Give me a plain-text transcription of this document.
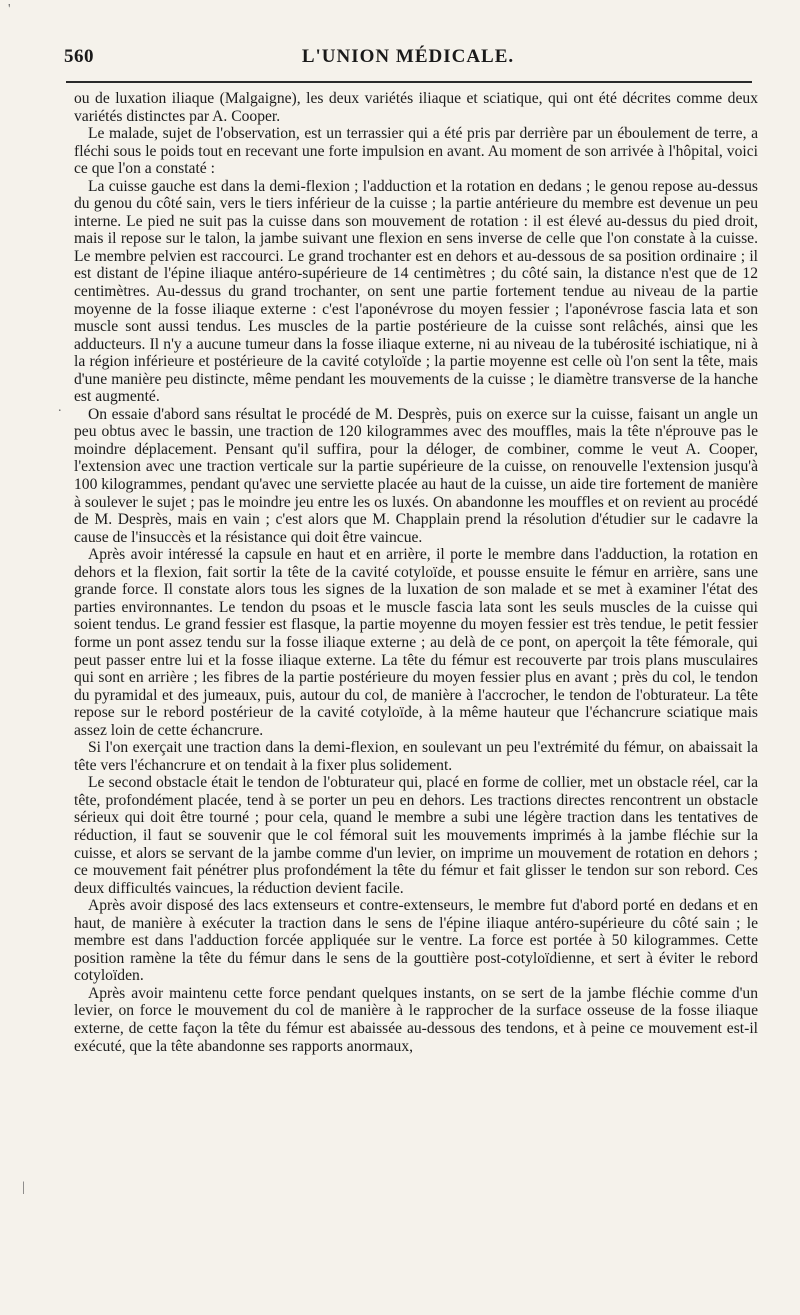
560	L'UNION MÉDICALE.
'
.
|

ou de luxation iliaque (Malgaigne), les deux variétés iliaque et sciatique, qui ont été décrites comme deux variétés distinctes par A. Cooper.

Le malade, sujet de l'observation, est un terrassier qui a été pris par derrière par un éboulement de terre, a fléchi sous le poids tout en recevant une forte impulsion en avant. Au moment de son arrivée à l'hôpital, voici ce que l'on a constaté :

La cuisse gauche est dans la demi-flexion ; l'adduction et la rotation en dedans ; le genou repose au-dessus du genou du côté sain, vers le tiers inférieur de la cuisse ; la partie antérieure du membre est devenue un peu interne. Le pied ne suit pas la cuisse dans son mouvement de rotation : il est élevé au-dessus du pied droit, mais il repose sur le talon, la jambe suivant une flexion en sens inverse de celle que l'on constate à la cuisse. Le membre pelvien est raccourci. Le grand trochanter est en dehors et au-dessous de sa position ordinaire ; il est distant de l'épine iliaque antéro-supérieure de 14 centimètres ; du côté sain, la distance n'est que de 12 centimètres. Au-dessus du grand trochanter, on sent une partie fortement tendue au niveau de la partie moyenne de la fosse iliaque externe : c'est l'aponévrose du moyen fessier ; l'aponévrose fascia lata et son muscle sont aussi tendus. Les muscles de la partie postérieure de la cuisse sont relâchés, ainsi que les adducteurs. Il n'y a aucune tumeur dans la fosse iliaque externe, ni au niveau de la tubérosité ischiatique, ni à la région inférieure et postérieure de la cavité cotyloïde ; la partie moyenne est celle où l'on sent la tête, mais d'une manière peu distincte, même pendant les mouvements de la cuisse ; le diamètre transverse de la hanche est augmenté.

On essaie d'abord sans résultat le procédé de M. Desprès, puis on exerce sur la cuisse, faisant un angle un peu obtus avec le bassin, une traction de 120 kilogrammes avec des mouffles, mais la tête n'éprouve pas le moindre déplacement. Pensant qu'il suffira, pour la déloger, de combiner, comme le veut A. Cooper, l'extension avec une traction verticale sur la partie supérieure de la cuisse, on renouvelle l'extension jusqu'à 100 kilogrammes, pendant qu'avec une serviette placée au haut de la cuisse, un aide tire fortement de manière à soulever le sujet ; pas le moindre jeu entre les os luxés. On abandonne les mouffles et on revient au procédé de M. Desprès, mais en vain ; c'est alors que M. Chapplain prend la résolution d'étudier sur le cadavre la cause de l'insuccès et la résistance qui doit être vaincue.

Après avoir intéressé la capsule en haut et en arrière, il porte le membre dans l'adduction, la rotation en dehors et la flexion, fait sortir la tête de la cavité cotyloïde, et pousse ensuite le fémur en arrière, sans une grande force. Il constate alors tous les signes de la luxation de son malade et se met à examiner l'état des parties environnantes. Le tendon du psoas et le muscle fascia lata sont les seuls muscles de la cuisse qui soient tendus. Le grand fessier est flasque, la partie moyenne du moyen fessier est très tendue, le petit fessier forme un pont assez tendu sur la fosse iliaque externe ; au delà de ce pont, on aperçoit la tête fémorale, qui peut passer entre lui et la fosse iliaque externe. La tête du fémur est recouverte par trois plans musculaires qui sont en arrière ; les fibres de la partie postérieure du moyen fessier plus en avant ; près du col, le tendon du pyramidal et des jumeaux, puis, autour du col, de manière à l'accrocher, le tendon de l'obturateur. La tête repose sur le rebord postérieur de la cavité cotyloïde, à la même hauteur que l'échancrure sciatique mais assez loin de cette échancrure.

Si l'on exerçait une traction dans la demi-flexion, en soulevant un peu l'extrémité du fémur, on abaissait la tête vers l'échancrure et on tendait à la fixer plus solidement.

Le second obstacle était le tendon de l'obturateur qui, placé en forme de collier, met un obstacle réel, car la tête, profondément placée, tend à se porter un peu en dehors. Les tractions directes rencontrent un obstacle sérieux qui doit être tourné ; pour cela, quand le membre a subi une légère traction dans les tentatives de réduction, il faut se souvenir que le col fémoral suit les mouvements imprimés à la jambe fléchie sur la cuisse, et alors se servant de la jambe comme d'un levier, on imprime un mouvement de rotation en dehors ; ce mouvement fait pénétrer plus profondément la tête du fémur et fait glisser le tendon sur son rebord. Ces deux difficultés vaincues, la réduction devient facile.

Après avoir disposé des lacs extenseurs et contre-extenseurs, le membre fut d'abord porté en dedans et en haut, de manière à exécuter la traction dans le sens de l'épine iliaque antéro-supérieure du côté sain ; le membre est dans l'adduction forcée appliquée sur le ventre. La force est portée à 50 kilogrammes. Cette position ramène la tête du fémur dans le sens de la gouttière post-cotyloïdienne, et sert à éviter le rebord cotyloïden.

Après avoir maintenu cette force pendant quelques instants, on se sert de la jambe fléchie comme d'un levier, on force le mouvement du col de manière à le rapprocher de la surface osseuse de la fosse iliaque externe, de cette façon la tête du fémur est abaissée au-dessous des tendons, et à peine ce mouvement est-il exécuté, que la tête abandonne ses rapports anormaux,
